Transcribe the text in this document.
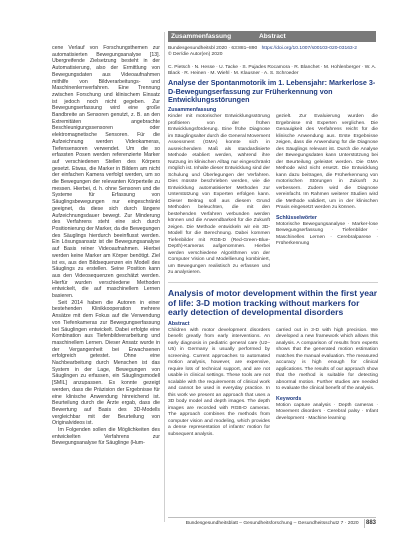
cene Verlauf von Forschungsthemen zur automatisierten Bewegungsanalyse [13]. Ubergreifende Zielsetzung besteht in der Automatisierung, also der Ermittlung von Bewegungsdaten aus Videoaufnahmen mithilfe von Bildverarbeitungs- und Maschinenlernverfahren. Eine Trennung zwischen Forschung und klinischem Einsatz ist jedoch noch nicht gegeben. Zur Bewegungserfassung wird eine große Bandbreite an Sensoren genutzt, z. B. an den Extremitäten angebrachte Beschleunigungssensoren oder elektromagnetische Sensoren. Für die Aufzeichnung werden Videokameras, Tiefensensoren verwendet. Um die so erfassten Posen werden referenzierte Marker auf verschiedenen Stellen des Körpers gesetzt. Etwas, die Marker in Bildern am nicht der einfachen Kamera verfolgt werden, um so die Bewegungen der relevanten Körperteile zu messen. Hierbei, d. h. ohne Sensoren und die Systeme für Erfassung von Säuglingsbewegungen nur eingeschränkt geeignet, da diese sich durch längere Aufzeichnungsdauer bewegt. Zur Minderung des Verfahrens steht eine sich durch Positionierung der Marker, da die Bewegungen des Säuglings hierdurch beeinflusst werden. Ein Lösungsansatz ist die Bewegungsanalyse auf Basis reiner Videoaufnahmen. Hierbei werden keine Marker am Körper benötigt. Ziel ist es, aus den Bildsequenzen ein Modell des Säuglings zu erstellen. Seine Position kann aus den Videosequenzen geschätzt werden. Hierfür wurden verschiedene Methoden entwickelt, die auf maschinellem Lernen basieren.

Seit 2014 haben die Autoren in einer bestehenden Klinikkooperation mehrere Ansätze mit dem Fokus auf die Verwendung von Tiefenkameras zur Bewegungserfassung bei Säuglingen entwickelt. Dabei erfolgte eine Kombination aus Tiefenbildverarbeitung und maschinellem Lernen. Dieser Ansatz wurde in der Vergangenheit bei Erwachsenen erfolgreich getestet. Ohne eine Nachbearbeitung durch Menschen ist das System in der Lage, Bewegungen von Säuglingen zu erfassen, ein Säuglingsmodell [SMIL] anzupassen. Es konnte gezeigt werden, dass die Präzision der Ergebnisse für eine klinische Anwendung hinreichend ist. Beurteilung durch die Ärzte ergab, dass die Bewertung auf Basis des 3D-Modells vergleichbar mit der Beurteilung von Originalvideos ist.

Im Folgenden sollen die Möglichkeiten des entwickelten Verfahrens zur Bewegungsanalyse für Säuglinge (Hum-

Zusammenfassung	Abstract
Bundesgesundheitsbl 2020 · 63:881–890 https://doi.org/10.1007/s00103-020-03163-2
© Der/die Autor(en) 2020
C. Pietsch · N. Hesse · U. Tacke · S. Pujades Rocamora · R. Blanchet · M. Hohlenberger · W. A. Black · R. Heinen · M. Wiehl · M. Klausner · A. S. Schroeder
Analyse der Spontanmotorik im 1. Lebensjahr: Markerlose 3-D-Bewegungserfassung zur Früherkennung von Entwicklungsstörungen
Zusammenfassung

Kinder mit motorischer Entwicklungsstörung profitieren von der frühen Entwicklungsförderung. Eine frühe Diagnose im Säuglingsalter durch die General Movement Assessment (GMA) konnte sich in ausreichendem Maß als standardisierte Methode etabliert werden, während ihre Nutzung im klinischen Alltag nur eingeschränkt möglich ist. Inhalte dieser Entwicklung sind der Schulung und Überlegungen der Verfahren. Dies müsste beschrieben werden, wie die Entwicklung automatisierter Methoden zur Unterstützung von Experten erfolgen kann. Dieser Beitrag soll aus diesem Grund Methoden beleuchten, die mit den bestehenden Verfahren verbunden werden können und die Anwendbarkeit für die Zukunft zeigen. Die Methode entwickeln wir ein 3D-Modell für die Berechnung. Dabei kommen Tiefenbilder mit RGB-D (Red-Green-Blue-Depth)-Kameras aufgenommen. Hierbei werden verschiedene Algorithmen von der Computer Vision und Modellierung kombiniert, um Bewegungen realistisch zu erfassen und zu analysieren.

gezielt. Zur Evaluierung wurden die Ergebnisse mit Experten verglichen. Die Genauigkeit des Verfahrens reicht für die klinische Anwendung aus. Erste Ergebnisse zeigen, dass die Anwendung für die Diagnose des Säuglings relevant ist. Durch die Analyse der Bewegungsdaten kann Unterstützung bei der Beurteilung geleistet werden. Die GMA Methode wird nicht ersetzt. Die Entwicklung kann dazu beitragen, die Früherkennung von motorischen Störungen in Zukunft zu verbessern. Zudem wird die Diagnose vereinfacht. Im Rahmen weiterer Studien wird die Methode validiert, um in der klinischen Praxis eingesetzt werden zu können.

Schlüsselwörter

Motorische Bewegungsanalyse · Marker-lose Bewegungserfassung · Tiefenbilder · Maschinelles Lernen · Cerebralparese · Früherkennung

Analysis of motor development within the first year of life: 3-D motion tracking without markers for early detection of developmental disorders
Abstract

Children with motor development disorders benefit greatly from early interventions. An early diagnosis in pediatric general care (U2–U5) in Germany is usually performed by screening. Current approaches to automated motion analysis, however, are expensive, require lots of technical support, and are not usable in clinical settings. These tools are not scalable with the requirements of clinical work and cannot be used in everyday practice. In this work we present an approach that uses a 3D body model and depth images. The depth images are recorded with RGB-D cameras. The approach combines the methods from computer vision and modeling, which provides a dense representation of infants' motion for subsequent analysis.

carried out in 3-D with high precision. We developed a new framework which allows this analysis. A comparison of results from experts shows that the generated motion estimation matches the manual evaluation. The measured accuracy is high enough for clinical applications. The results of our approach show that the method is suitable for detecting abnormal motion. Further studies are needed to evaluate the clinical benefit of the analysis.

Keywords

Motion capture analysis · Depth cameras · Movement disorders · Cerebral palsy · Infant development · Machine learning

Bundesgesundheitsblatt – Gesundheitsforschung – Gesundheitsschutz 7 · 2020 883
